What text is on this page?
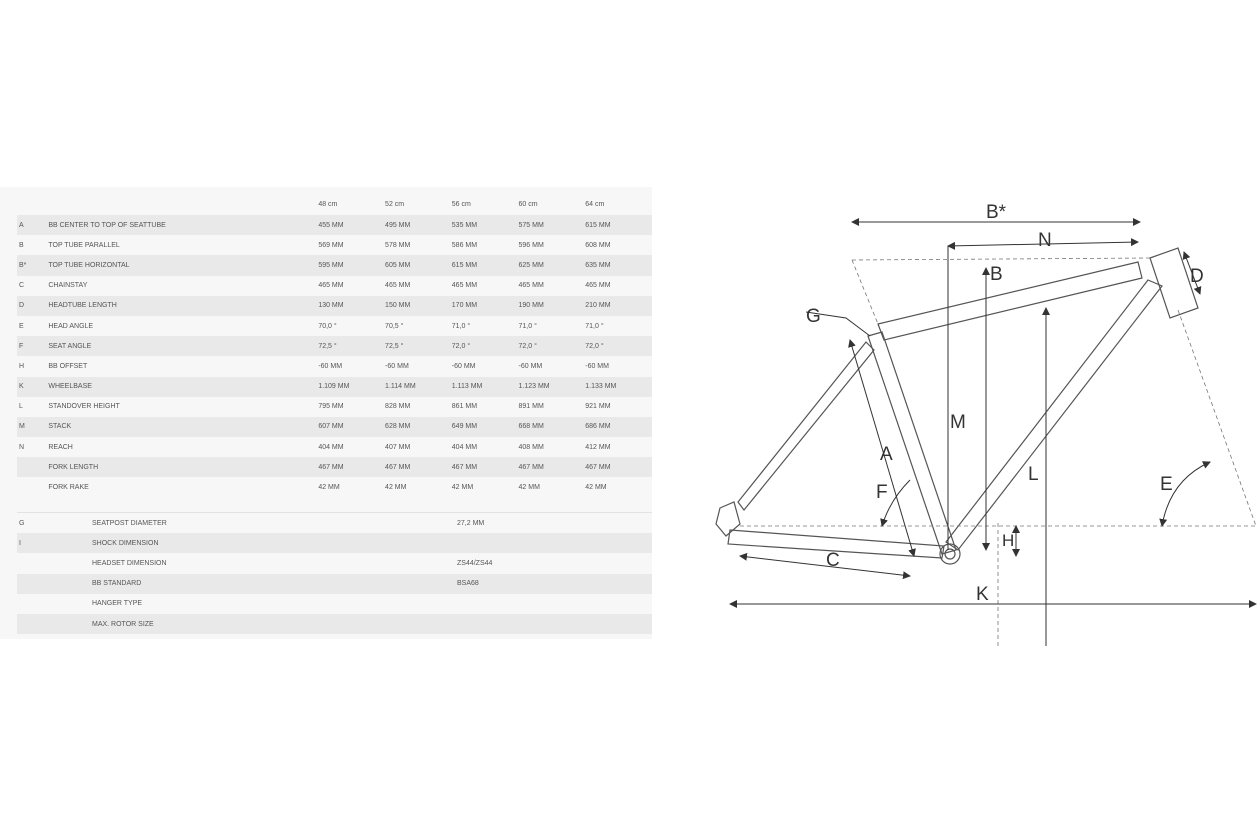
		48 cm	52 cm	56 cm	60 cm	64 cm
A	BB CENTER TO TOP OF SEATTUBE	455 MM	495 MM	535 MM	575 MM	615 MM
B	TOP TUBE PARALLEL	569 MM	578 MM	586 MM	596 MM	608 MM
B*	TOP TUBE HORIZONTAL	595 MM	605 MM	615 MM	625 MM	635 MM
C	CHAINSTAY	465 MM	465 MM	465 MM	465 MM	465 MM
D	HEADTUBE LENGTH	130 MM	150 MM	170 MM	190 MM	210 MM
E	HEAD ANGLE	70,0 °	70,5 °	71,0 °	71,0 °	71,0 °
F	SEAT ANGLE	72,5 °	72,5 °	72,0 °	72,0 °	72,0 °
H	BB OFFSET	-60 MM	-60 MM	-60 MM	-60 MM	-60 MM
K	WHEELBASE	1.109 MM	1.114 MM	1.113 MM	1.123 MM	1.133 MM
L	STANDOVER HEIGHT	795 MM	828 MM	861 MM	891 MM	921 MM
M	STACK	607 MM	628 MM	649 MM	668 MM	686 MM
N	REACH	404 MM	407 MM	404 MM	408 MM	412 MM
	FORK LENGTH	467 MM	467 MM	467 MM	467 MM	467 MM
	FORK RAKE	42 MM	42 MM	42 MM	42 MM	42 MM
G	SEATPOST DIAMETER	27,2 MM
I	SHOCK DIMENSION	
	HEADSET DIMENSION	ZS44/ZS44
	BB STANDARD	BSA68
	HANGER TYPE	
	MAX. ROTOR SIZE	
B*
N
B	D
G
M
A
F
L	E
H
C
K
